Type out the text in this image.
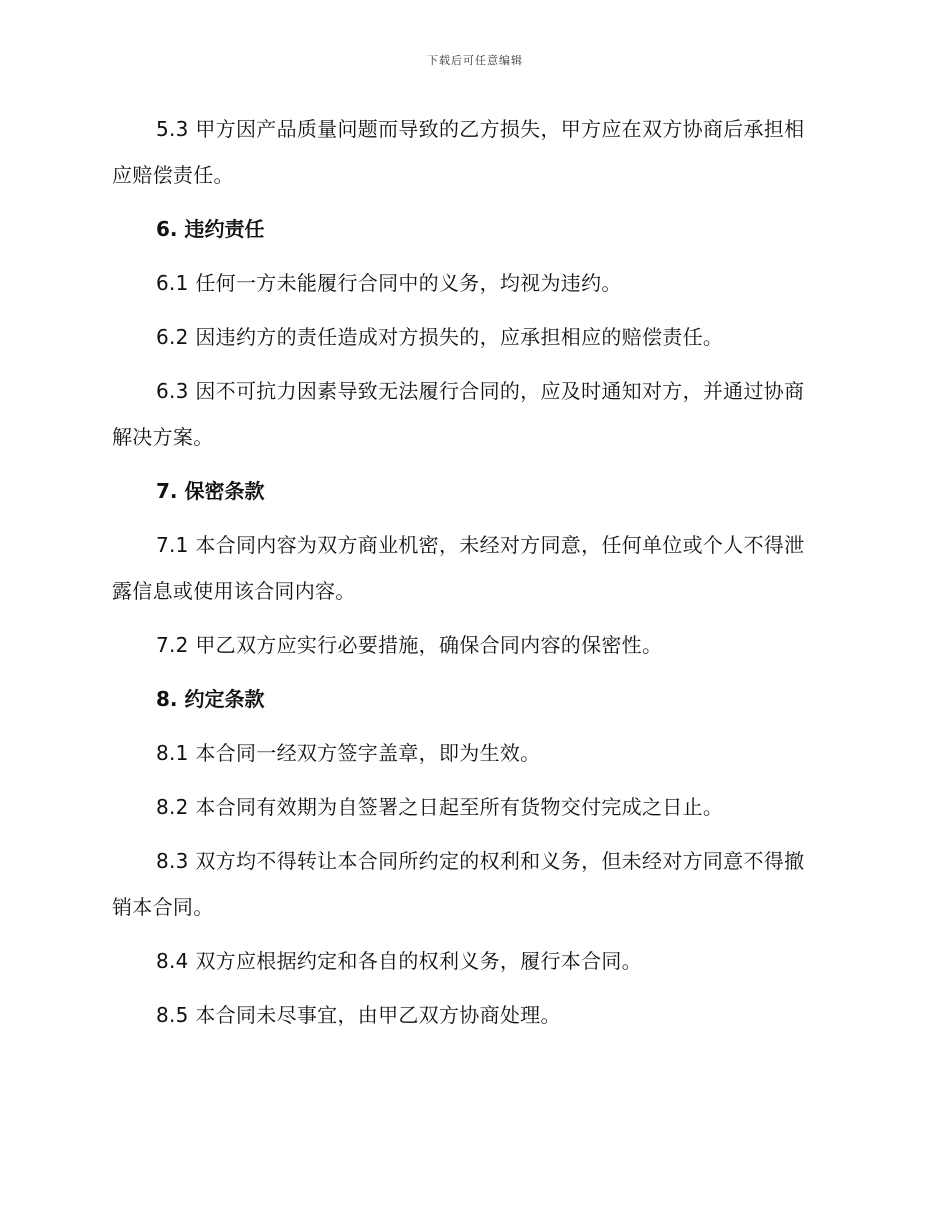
下载后可任意编辑

5.3 甲方因产品质量问题而导致的乙方损失，甲方应在双方协商后承担相应赔偿责任。

6. 违约责任

6.1 任何一方未能履行合同中的义务，均视为违约。

6.2 因违约方的责任造成对方损失的，应承担相应的赔偿责任。

6.3 因不可抗力因素导致无法履行合同的，应及时通知对方，并通过协商解决方案。

7. 保密条款

7.1 本合同内容为双方商业机密，未经对方同意，任何单位或个人不得泄露信息或使用该合同内容。

7.2 甲乙双方应实行必要措施，确保合同内容的保密性。

8. 约定条款

8.1 本合同一经双方签字盖章，即为生效。

8.2 本合同有效期为自签署之日起至所有货物交付完成之日止。

8.3 双方均不得转让本合同所约定的权利和义务，但未经对方同意不得撤销本合同。

8.4 双方应根据约定和各自的权利义务，履行本合同。

8.5 本合同未尽事宜，由甲乙双方协商处理。
